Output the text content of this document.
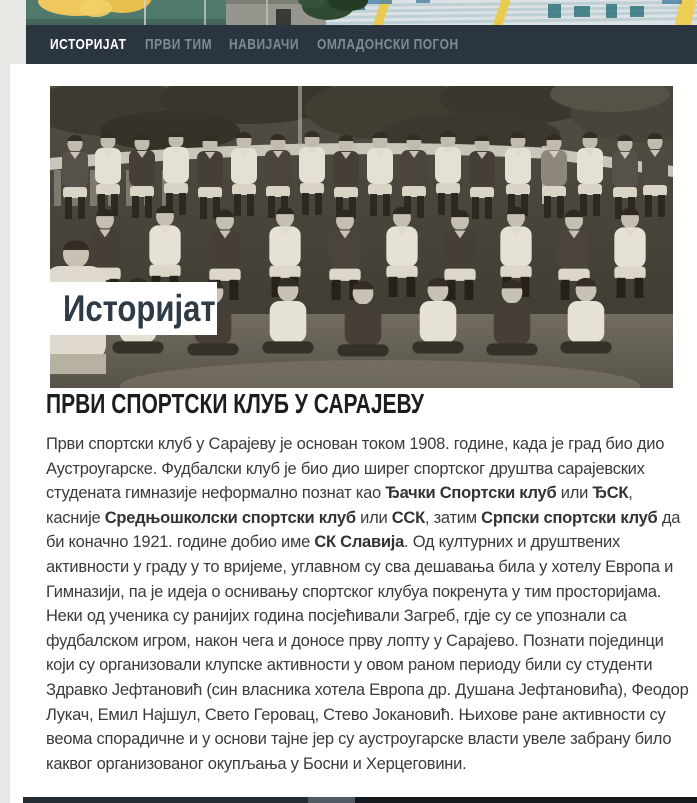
ИСТОРИЈАТ ПРВИ ТИМ НАВИЈАЧИ ОМЛАДОНСКИ ПОГОН
Историјат
ПРВИ СПОРТСКИ КЛУБ У САРАЈЕВУ

Први спортски клуб у Сарајеву је основан током 1908. године, када је град био дио Аустроугарске. Фудбалски клуб је био дио ширег спортског друштва сарајевских студената гимназије неформално познат као Ђачки Спортски клуб или ЂСК, касније Средњошколски спортски клуб или ССК, затим Српски спортски клуб да би коначно 1921. године добио име СК Славија. Од културних и друштвених активности у граду у то вријеме, углавном су сва дешавања била у хотелу Европа и Гимназији, па је идеја о оснивању спортског клубуа покренута у тим просторијама. Неки од ученика су ранијих година посјећивали Загреб, гдје су се упознали са фудбалском игром, након чега и доносе прву лопту у Сарајево. Познати појединци који су организовали клупске активности у овом раном периоду били су студенти Здравко Јефтановић (син власника хотела Европа др. Душана Јефтановића), Феодор Лукач, Емил Најшул, Свето Геровац, Стево Јокановић. Њихове ране активности су веома спорадичне и у основи тајне јер су аустроугарске власти увеле забрану било каквог организованог окупљања у Босни и Херцеговини.
